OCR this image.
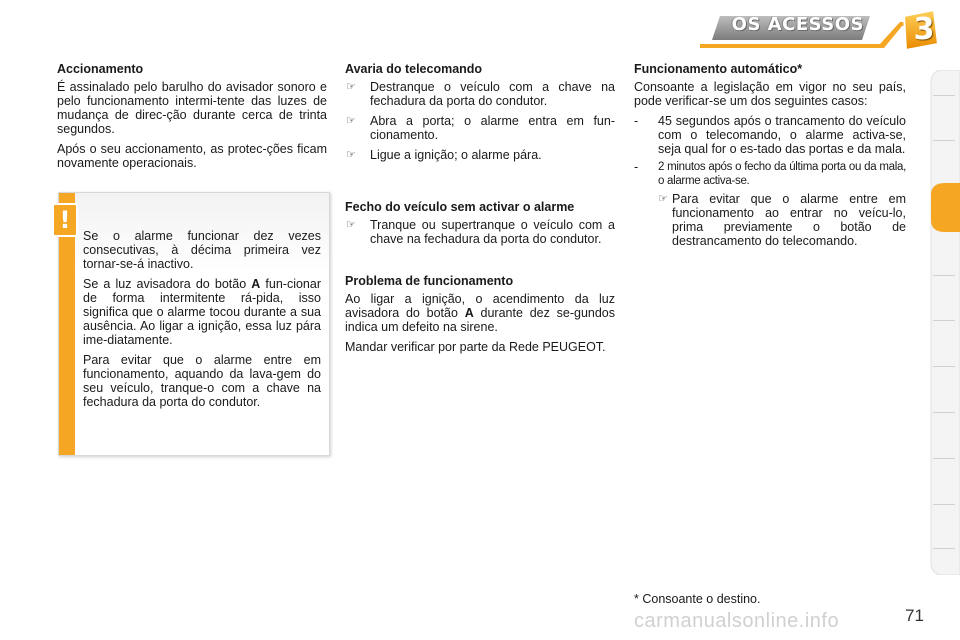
OS ACESSOS 3
Accionamento

É assinalado pelo barulho do avisador sonoro e pelo funcionamento intermi-tente das luzes de mudança de direc-ção durante cerca de trinta segundos.

Após o seu accionamento, as protec-ções ficam novamente operacionais.

!

Se o alarme funcionar dez vezes consecutivas, à décima primeira vez tornar-se-á inactivo.

Se a luz avisadora do botão A fun-cionar de forma intermitente rá-pida, isso significa que o alarme tocou durante a sua ausência. Ao ligar a ignição, essa luz pára ime-diatamente.

Para evitar que o alarme entre em funcionamento, aquando da lava-gem do seu veículo, tranque-o com a chave na fechadura da porta do condutor.

Avaria do telecomando
☞	Destranque o veículo com a chave na fechadura da porta do condutor.
☞	Abra a porta; o alarme entra em fun-cionamento.
☞	Ligue a ignição; o alarme pára.
Fecho do veículo sem activar o alarme
☞	Tranque ou supertranque o veículo com a chave na fechadura da porta do condutor.
Problema de funcionamento

Ao ligar a ignição, o acendimento da luz avisadora do botão A durante dez se-gundos indica um defeito na sirene.

Mandar verificar por parte da Rede PEUGEOT.

Funcionamento automático*

Consoante a legislação em vigor no seu país, pode verificar-se um dos seguintes casos:

-	45 segundos após o trancamento do veículo com o telecomando, o alarme activa-se, seja qual for o es-tado das portas e da mala.
-	2 minutos após o fecho da última porta ou da mala, o alarme activa-se.
☞ Para evitar que o alarme entre em funcionamento ao entrar no veícu-lo, prima previamente o botão de destrancamento do telecomando.
* Consoante o destino.
carmanualsonline.info	71
